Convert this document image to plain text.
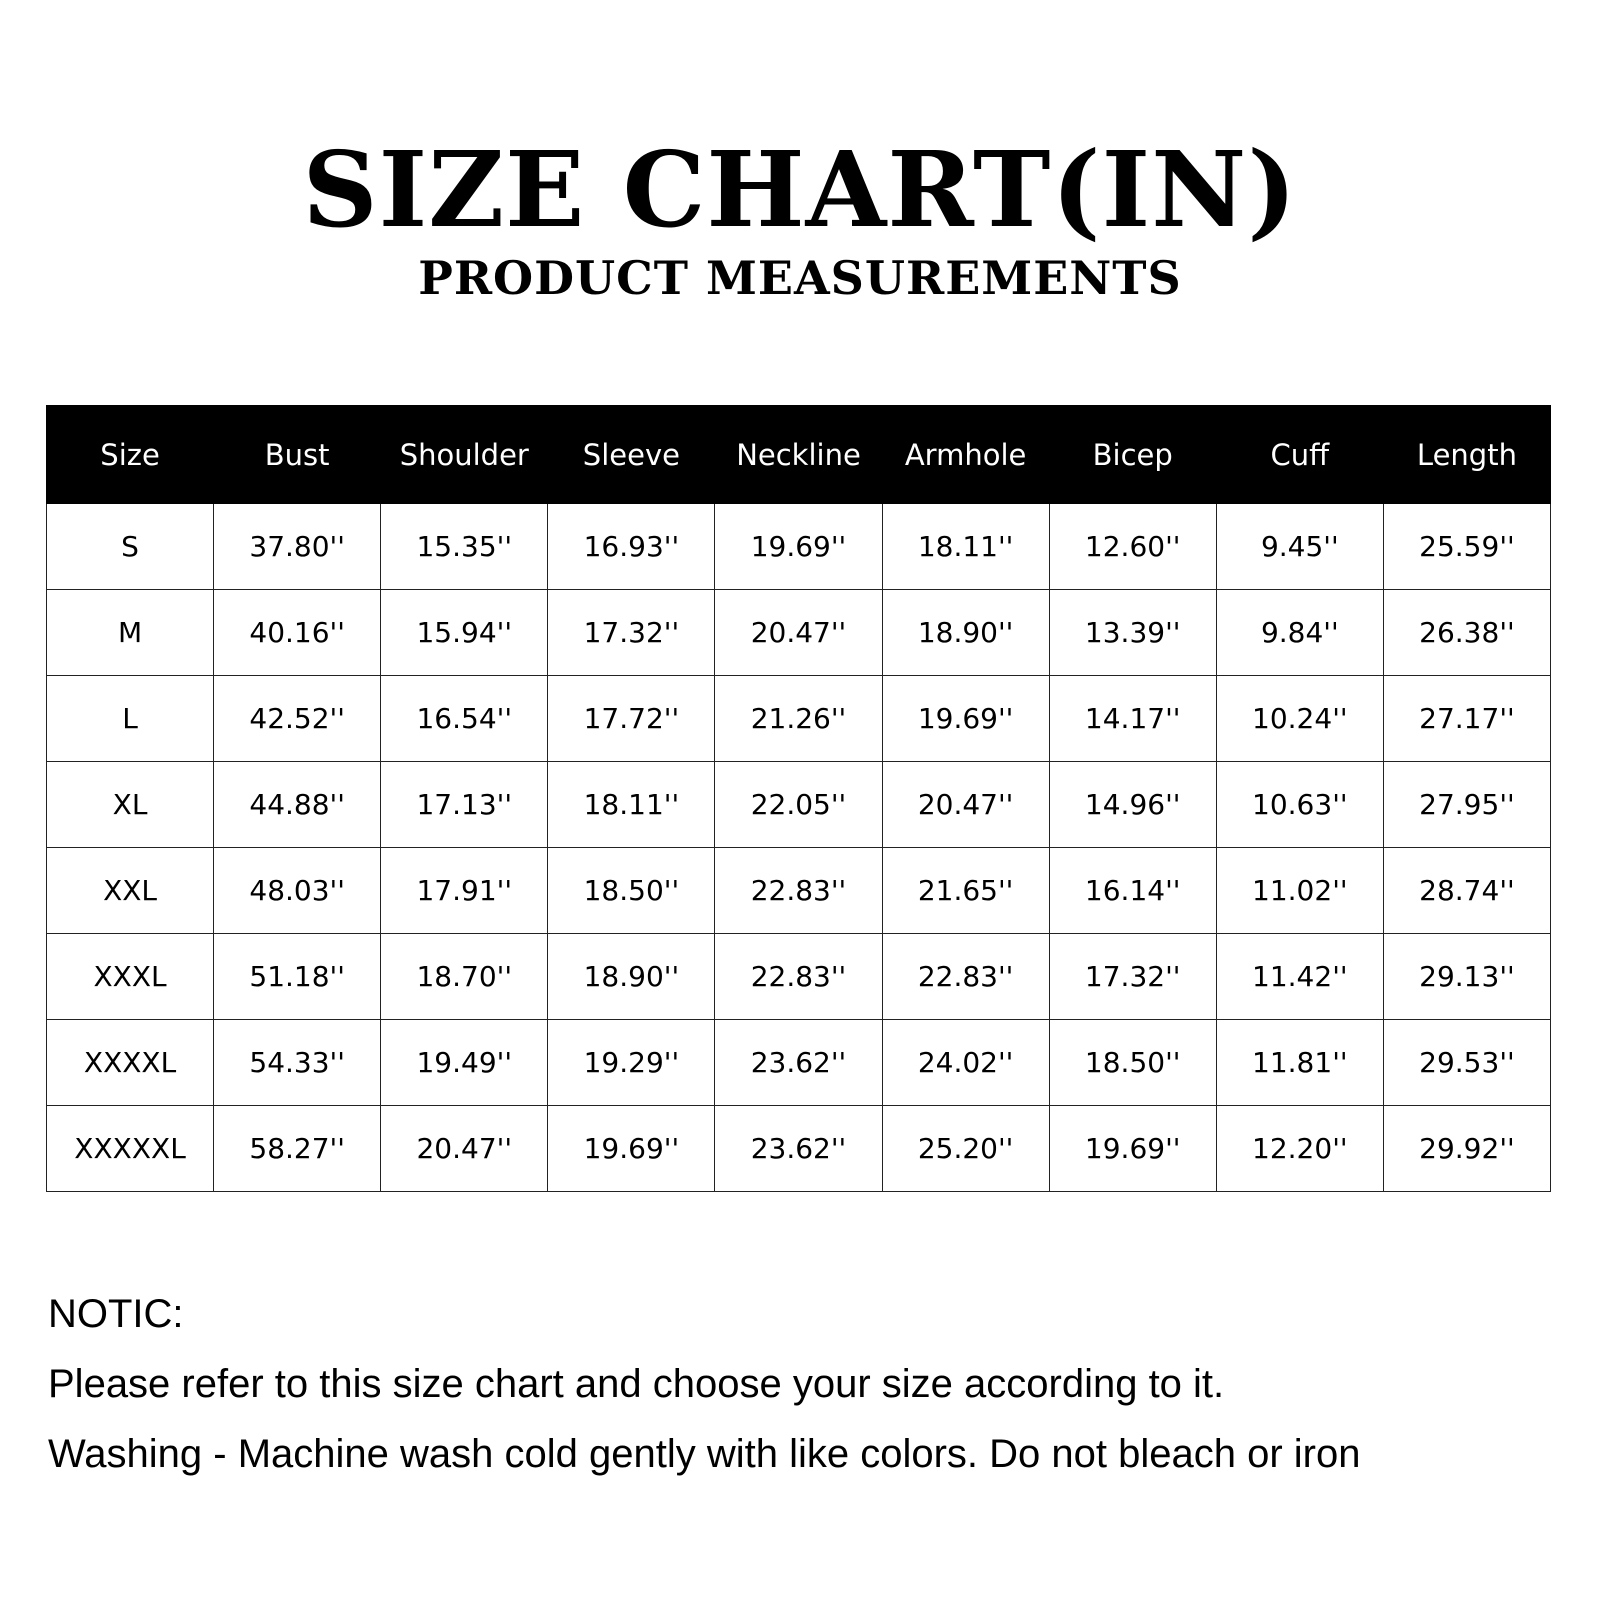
SIZE CHART(IN)
PRODUCT MEASUREMENTS
Size	Bust	Shoulder	Sleeve	Neckline	Armhole	Bicep	Cuff	Length
S	37.80''	15.35''	16.93''	19.69''	18.11''	12.60''	9.45''	25.59''
M	40.16''	15.94''	17.32''	20.47''	18.90''	13.39''	9.84''	26.38''
L	42.52''	16.54''	17.72''	21.26''	19.69''	14.17''	10.24''	27.17''
XL	44.88''	17.13''	18.11''	22.05''	20.47''	14.96''	10.63''	27.95''
XXL	48.03''	17.91''	18.50''	22.83''	21.65''	16.14''	11.02''	28.74''
XXXL	51.18''	18.70''	18.90''	22.83''	22.83''	17.32''	11.42''	29.13''
XXXXL	54.33''	19.49''	19.29''	23.62''	24.02''	18.50''	11.81''	29.53''
XXXXXL	58.27''	20.47''	19.69''	23.62''	25.20''	19.69''	12.20''	29.92''
NOTIC:
Please refer to this size chart and choose your size according to it.
Washing - Machine wash cold gently with like colors. Do not bleach or iron
